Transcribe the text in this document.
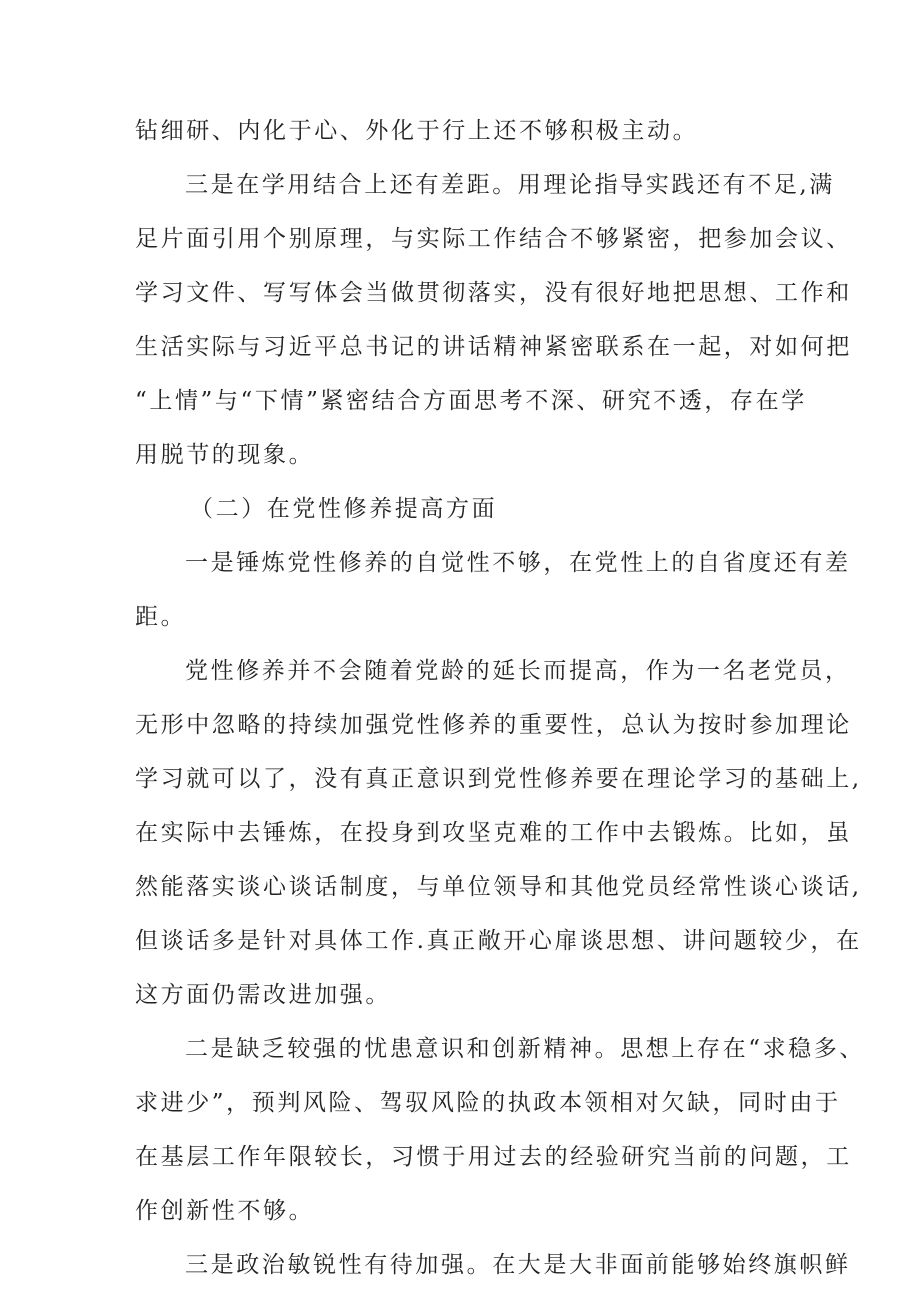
钻细研、内化于心、外化于行上还不够积极主动。
三是在学用结合上还有差距。用理论指导实践还有不足,满
足片面引用个别原理，与实际工作结合不够紧密，把参加会议、
学习文件、写写体会当做贯彻落实，没有很好地把思想、工作和
生活实际与习近平总书记的讲话精神紧密联系在一起，对如何把
“上情”与“下情”紧密结合方面思考不深、研究不透，存在学
用脱节的现象。
（二）在党性修养提高方面
一是锤炼党性修养的自觉性不够，在党性上的自省度还有差
距。
党性修养并不会随着党龄的延长而提高，作为一名老党员，
无形中忽略的持续加强党性修养的重要性，总认为按时参加理论
学习就可以了，没有真正意识到党性修养要在理论学习的基础上,
在实际中去锤炼，在投身到攻坚克难的工作中去锻炼。比如，虽
然能落实谈心谈话制度，与单位领导和其他党员经常性谈心谈话,
但谈话多是针对具体工作.真正敞开心扉谈思想、讲问题较少，在
这方面仍需改进加强。
二是缺乏较强的忧患意识和创新精神。思想上存在“求稳多、
求进少”，预判风险、驾驭风险的执政本领相对欠缺，同时由于
在基层工作年限较长，习惯于用过去的经验研究当前的问题，工
作创新性不够。
三是政治敏锐性有待加强。在大是大非面前能够始终旗帜鲜
